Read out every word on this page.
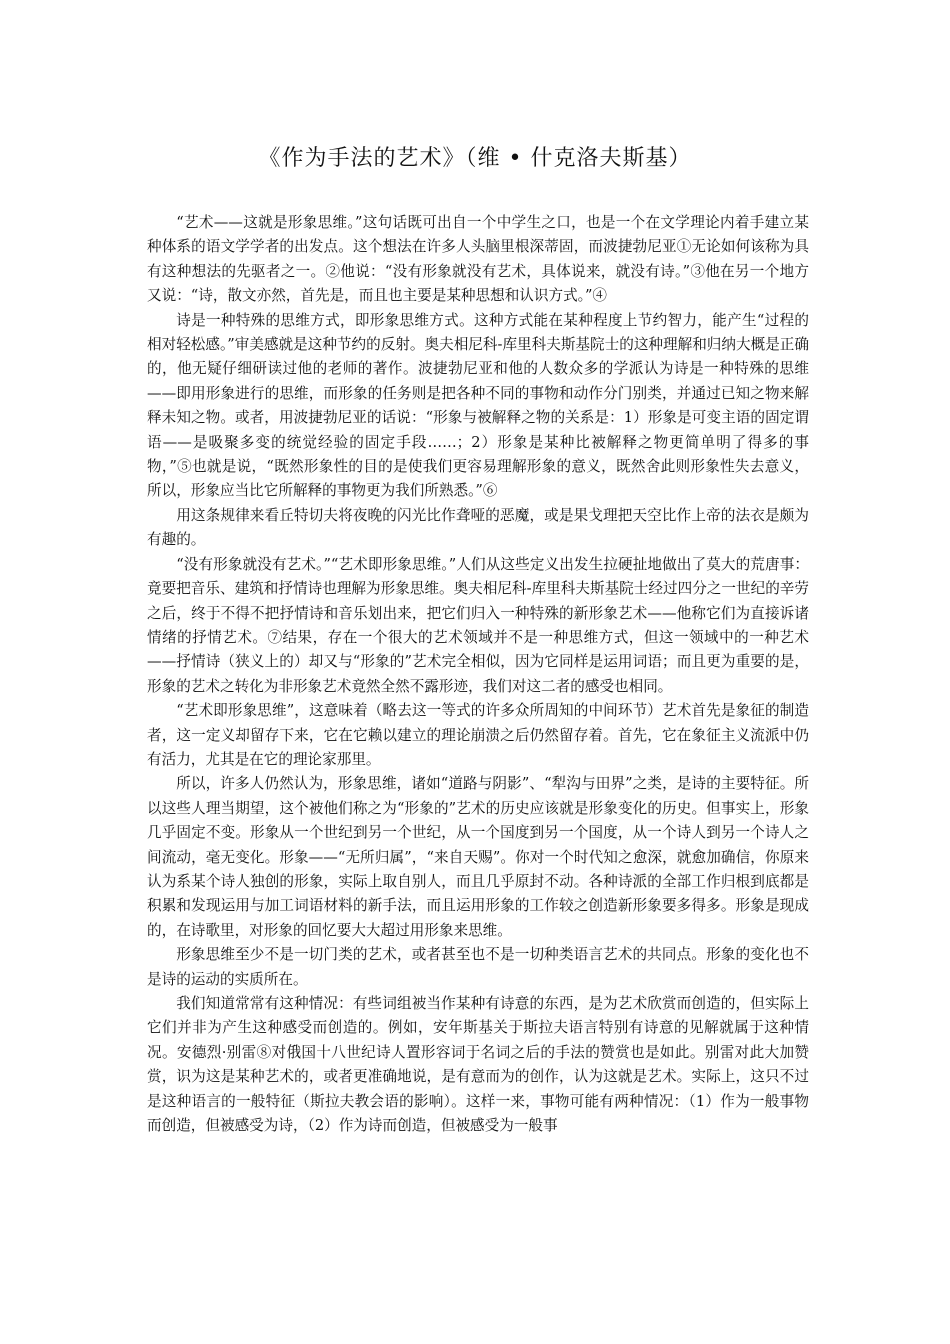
《作为手法的艺术》（维 • 什克洛夫斯基）

“艺术——这就是形象思维。”这句话既可出自一个中学生之口，也是一个在文学理论内着手建立某种体系的语文学学者的出发点。这个想法在许多人头脑里根深蒂固，而波捷勃尼亚①无论如何该称为具有这种想法的先驱者之一。②他说：“没有形象就没有艺术，具体说来，就没有诗。”③他在另一个地方又说：“诗，散文亦然，首先是，而且也主要是某种思想和认识方式。”④

诗是一种特殊的思维方式，即形象思维方式。这种方式能在某种程度上节约智力，能产生“过程的相对轻松感。”审美感就是这种节约的反射。奥夫相尼科-库里科夫斯基院士的这种理解和归纳大概是正确的，他无疑仔细研读过他的老师的著作。波捷勃尼亚和他的人数众多的学派认为诗是一种特殊的思维——即用形象进行的思维，而形象的任务则是把各种不同的事物和动作分门别类，并通过已知之物来解释未知之物。或者，用波捷勃尼亚的话说：“形象与被解释之物的关系是：1）形象是可变主语的固定谓语——是吸聚多变的统觉经验的固定手段……；2）形象是某种比被解释之物更简单明了得多的事物，”⑤也就是说，“既然形象性的目的是使我们更容易理解形象的意义，既然舍此则形象性失去意义，所以，形象应当比它所解释的事物更为我们所熟悉。”⑥

用这条规律来看丘特切夫将夜晚的闪光比作聋哑的恶魔，或是果戈理把天空比作上帝的法衣是颇为有趣的。

“没有形象就没有艺术。”“艺术即形象思维。”人们从这些定义出发生拉硬扯地做出了莫大的荒唐事：竟要把音乐、建筑和抒情诗也理解为形象思维。奥夫相尼科-库里科夫斯基院士经过四分之一世纪的辛劳之后，终于不得不把抒情诗和音乐划出来，把它们归入一种特殊的新形象艺术——他称它们为直接诉诸情绪的抒情艺术。⑦结果，存在一个很大的艺术领域并不是一种思维方式，但这一领域中的一种艺术——抒情诗（狭义上的）却又与“形象的”艺术完全相似，因为它同样是运用词语；而且更为重要的是，形象的艺术之转化为非形象艺术竟然全然不露形迹，我们对这二者的感受也相同。

“艺术即形象思维”，这意味着（略去这一等式的许多众所周知的中间环节）艺术首先是象征的制造者，这一定义却留存下来，它在它赖以建立的理论崩溃之后仍然留存着。首先，它在象征主义流派中仍有活力，尤其是在它的理论家那里。

所以，许多人仍然认为，形象思维，诸如“道路与阴影”、“犁沟与田界”之类，是诗的主要特征。所以这些人理当期望，这个被他们称之为“形象的”艺术的历史应该就是形象变化的历史。但事实上，形象几乎固定不变。形象从一个世纪到另一个世纪，从一个国度到另一个国度，从一个诗人到另一个诗人之间流动，毫无变化。形象——“无所归属”，“来自天赐”。你对一个时代知之愈深，就愈加确信，你原来认为系某个诗人独创的形象，实际上取自别人，而且几乎原封不动。各种诗派的全部工作归根到底都是积累和发现运用与加工词语材料的新手法，而且运用形象的工作较之创造新形象要多得多。形象是现成的，在诗歌里，对形象的回忆要大大超过用形象来思维。

形象思维至少不是一切门类的艺术，或者甚至也不是一切种类语言艺术的共同点。形象的变化也不是诗的运动的实质所在。

我们知道常常有这种情况：有些词组被当作某种有诗意的东西，是为艺术欣赏而创造的，但实际上它们并非为产生这种感受而创造的。例如，安年斯基关于斯拉夫语言特别有诗意的见解就属于这种情况。安德烈·别雷⑧对俄国十八世纪诗人置形容词于名词之后的手法的赞赏也是如此。别雷对此大加赞赏，识为这是某种艺术的，或者更准确地说，是有意而为的创作，认为这就是艺术。实际上，这只不过是这种语言的一般特征（斯拉夫教会语的影响）。这样一来，事物可能有两种情况：（1）作为一般事物而创造，但被感受为诗，（2）作为诗而创造，但被感受为一般事
